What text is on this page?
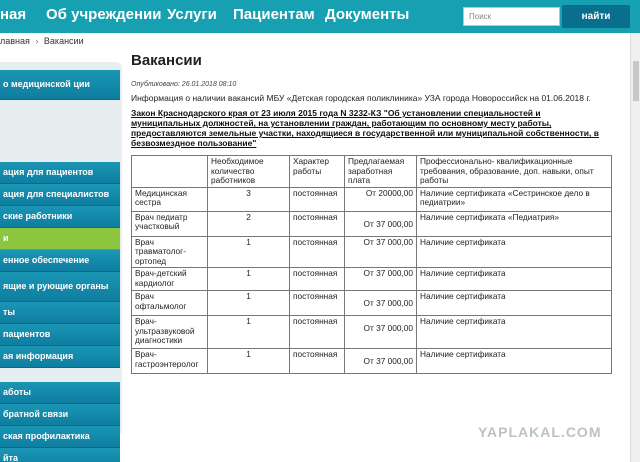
ная Об учреждении Услуги Пациентам Документы	Поиск	найти
лавная › Вакансии
о медицинской ции
ация для пациентов
ация для специалистов
ские работники
и
енное обеспечение
ящие и рующие органы
ты
пациентов
ая информация
аботы
братной связи
ская профилактика
йта
Вакансии
Опубликовано: 26.01.2018 08:10
Информация о наличии вакансий МБУ «Детская городская поликлиника» УЗА города Новороссийск на 01.06.2018 г.
Закон Краснодарского края от 23 июля 2015 года N 3232-КЗ "Об установлении специальностей и муниципальных должностей, на установлении граждан, работающим по основному месту работы, предоставляются земельные участки, находящиеся в государственной или муниципальной собственности, в безвозмездное пользование"
	Необходимое количество работников	Характер работы	Предлагаемая заработная плата	Профессионально- квалификационные требования, образование, доп. навыки, опыт работы
Медицинская сестра	3	постоянная	От 20000,00	Наличие сертификата «Сестринское дело в педиатрии»
Врач педиатр участковый	2	постоянная	От 37 000,00	Наличие сертификата «Педиатрия»
Врач травматолог-ортопед	1	постоянная	От 37 000,00	Наличие сертификата
Врач-детский кардиолог	1	постоянная	От 37 000,00	Наличие сертификата
Врач офтальмолог	1	постоянная	От 37 000,00	Наличие сертификата
Врач-ультразвуковой диагностики	1	постоянная	От 37 000,00	Наличие сертификата
Врач-гастроэнтеролог	1	постоянная	От 37 000,00	Наличие сертификата
YAPLAKAL.COM
